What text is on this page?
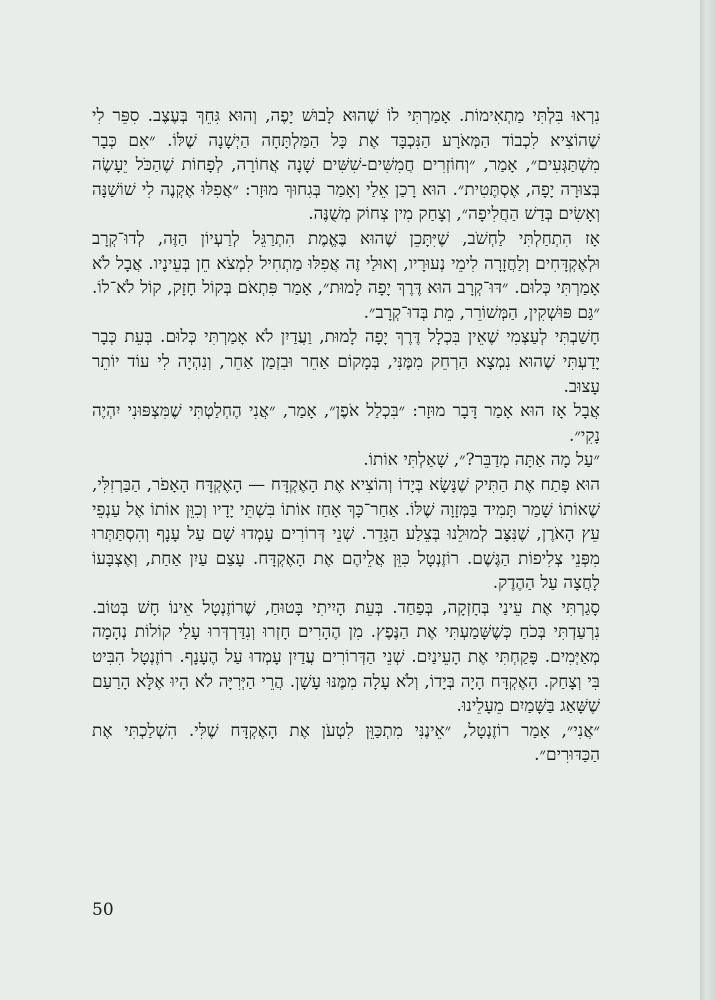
נִרְאוּ בִּלְתִּי מַתְאִימוֹת. אָמַרְתִּי לוֹ שֶׁהוּא לָבוּשׁ יָפֶה, וְהוּא גִּחֵךְ בְּעֶצֶב. סִפֵּר לִי שֶׁהוֹצִיא לִכְבוֹד הַמְּאֹרָע הַנִּכְבָּד אֶת כָּל הַמַּלְתָּחָה הַיְשָׁנָה שֶׁלּוֹ. ״אִם כְּבָר מִשְׁתַּגְּעִים״, אָמַר, ״וְחוֹזְרִים חֲמִשִּׁים-שִׁשִּׁים שָׁנָה אֲחוֹרָה, לְפָחוֹת שֶׁהַכֹּל יֵעָשֶׂה בְּצוּרָה יָפָה, אֶסְתֶּטִית״. הוּא רָכַן אֵלַי וְאָמַר בְּגִחוּךְ מוּזָר: ״אֲפִלּוּ אֶקְנֶה לִי שׁוֹשַׁנָּה וְאָשִׂים בְּדַשׁ הַחֲלִיפָה״, וְצָחַק מִין צְחוֹק מְשֻׁנֶּה.

אָז הִתְחַלְתִּי לַחְשֹׁב, שֶׁיִּתָּכֵן שֶׁהוּא בֶּאֱמֶת הִתְרַגֵּל לְרַעְיוֹן הַזֶּה, לְדוּ־קְרָב וּלְאֶקְדָּחִים וְלַחֲזָרָה לִימֵי נְעוּרָיו, וְאוּלַי זֶה אֲפִלּוּ מַתְחִיל לִמְצֹא חֵן בְּעֵינָיו. אֲבָל לֹא אָמַרְתִּי כְּלוּם. ״דּוּ־קְרָב הוּא דֶּרֶךְ יָפָה לָמוּת״, אָמַר פִּתְאֹם בְּקוֹל חָזָק, קוֹל לֹא־לוֹ. ״גַּם פּוּשְׁקִין, הַמְּשׁוֹרֵר, מֵת בְּדוּ־קְרָב״.

חָשַׁבְתִּי לְעַצְמִי שֶׁאֵין בִּכְלָל דֶּרֶךְ יָפָה לָמוּת, וַעֲדַיִן לֹא אָמַרְתִּי כְּלוּם. בְּעֵת כְּבָר יָדַעְתִּי שֶׁהוּא נִמְצָא הַרְחֵק מִמֶּנִּי, בְּמָקוֹם אַחֵר וּבִזְמַן אַחֵר, וְנִהְיָה לִי עוֹד יוֹתֵר עָצוּב.

אֲבָל אָז הוּא אָמַר דָּבָר מוּזָר: ״בִּכְלַל אֹפֶן״, אָמַר, ״אֲנִי הֶחְלַטְתִּי שֶׁמִּצְפּוּנִי יִהְיֶה נָקִי״.

״עַל מָה אַתָּה מְדַבֵּר?״, שָׁאַלְתִּי אוֹתוֹ.

הוּא פָּתַח אֶת הַתִּיק שֶׁנָּשָׂא בְּיָדוֹ וְהוֹצִיא אֶת הָאֶקְדָּח — הָאֶקְדָּח הָאָפֹר, הַבַּרְזִלִּי, שֶׁאוֹתוֹ שָׁמַר תָּמִיד בַּמְּזָוָה שֶׁלּוֹ. אַחַר־כָּךְ אָחַז אוֹתוֹ בִּשְׁתֵּי יָדָיו וְכִוֵּן אוֹתוֹ אֶל עַנְפֵי עֵץ הָאֹרֶן, שֶׁנִּצָּב לְמוּלֵנוּ בְּצֵלַע הַגָּדֵר. שְׁנֵי דְּרוֹרִים עָמְדוּ שָׁם עַל עָנָף וְהִסְתַּתְּרוּ מִפְּנֵי צְלִיפוֹת הַגֶּשֶׁם. רוֹזֶנְטָל כִּוֵּן אֲלֵיהֶם אֶת הָאֶקְדָּח. עָצַם עַיִן אַחַת, וְאֶצְבָּעוֹ לָחֲצָה עַל הַהֶדֶק.

סָגַרְתִּי אֶת עֵינַי בְּחָזְקָה, בְּפַחַד. בְּעֵת הָיִיתִי בָּטוּחַ, שֶׁרוֹזֶנְטָל אֵינוֹ חָשׁ בְּטוֹב. נִרְעַדְתִּי בְּכֹחַ כְּשֶׁשָּׁמַעְתִּי אֶת הַנֶּפֶץ. מִן הֶהָרִים חָזְרוּ וְנִדַּרְדְּרוּ עָלַי קוֹלוֹת נְהָמָה מְאַיְּמִים. פָּקַחְתִּי אֶת הָעֵינַיִם. שְׁנֵי הַדְּרוֹרִים עֲדַיִן עָמְדוּ עַל הֶעָנָף. רוֹזֶנְטָל הִבִּיט בִּי וְצָחַק. הָאֶקְדָּח הָיָה בְּיָדוֹ, וְלֹא עָלָה מִמֶּנּוּ עָשָׁן. הֲרֵי הַיְּרִיָּה לֹא הָיוּ אֶלָּא הָרַעַם שֶׁשָּׁאַג בַּשָּׁמַיִם מֵעָלֵינוּ.

״אֲנִי״, אָמַר רוֹזֶנְטָל, ״אֵינֶנִּי מִתְכַּוֵּן לִטְעֹן אֶת הָאֶקְדָּח שֶׁלִּי. הִשְׁלַכְתִּי אֶת הַכַּדּוּרִים״.

50
